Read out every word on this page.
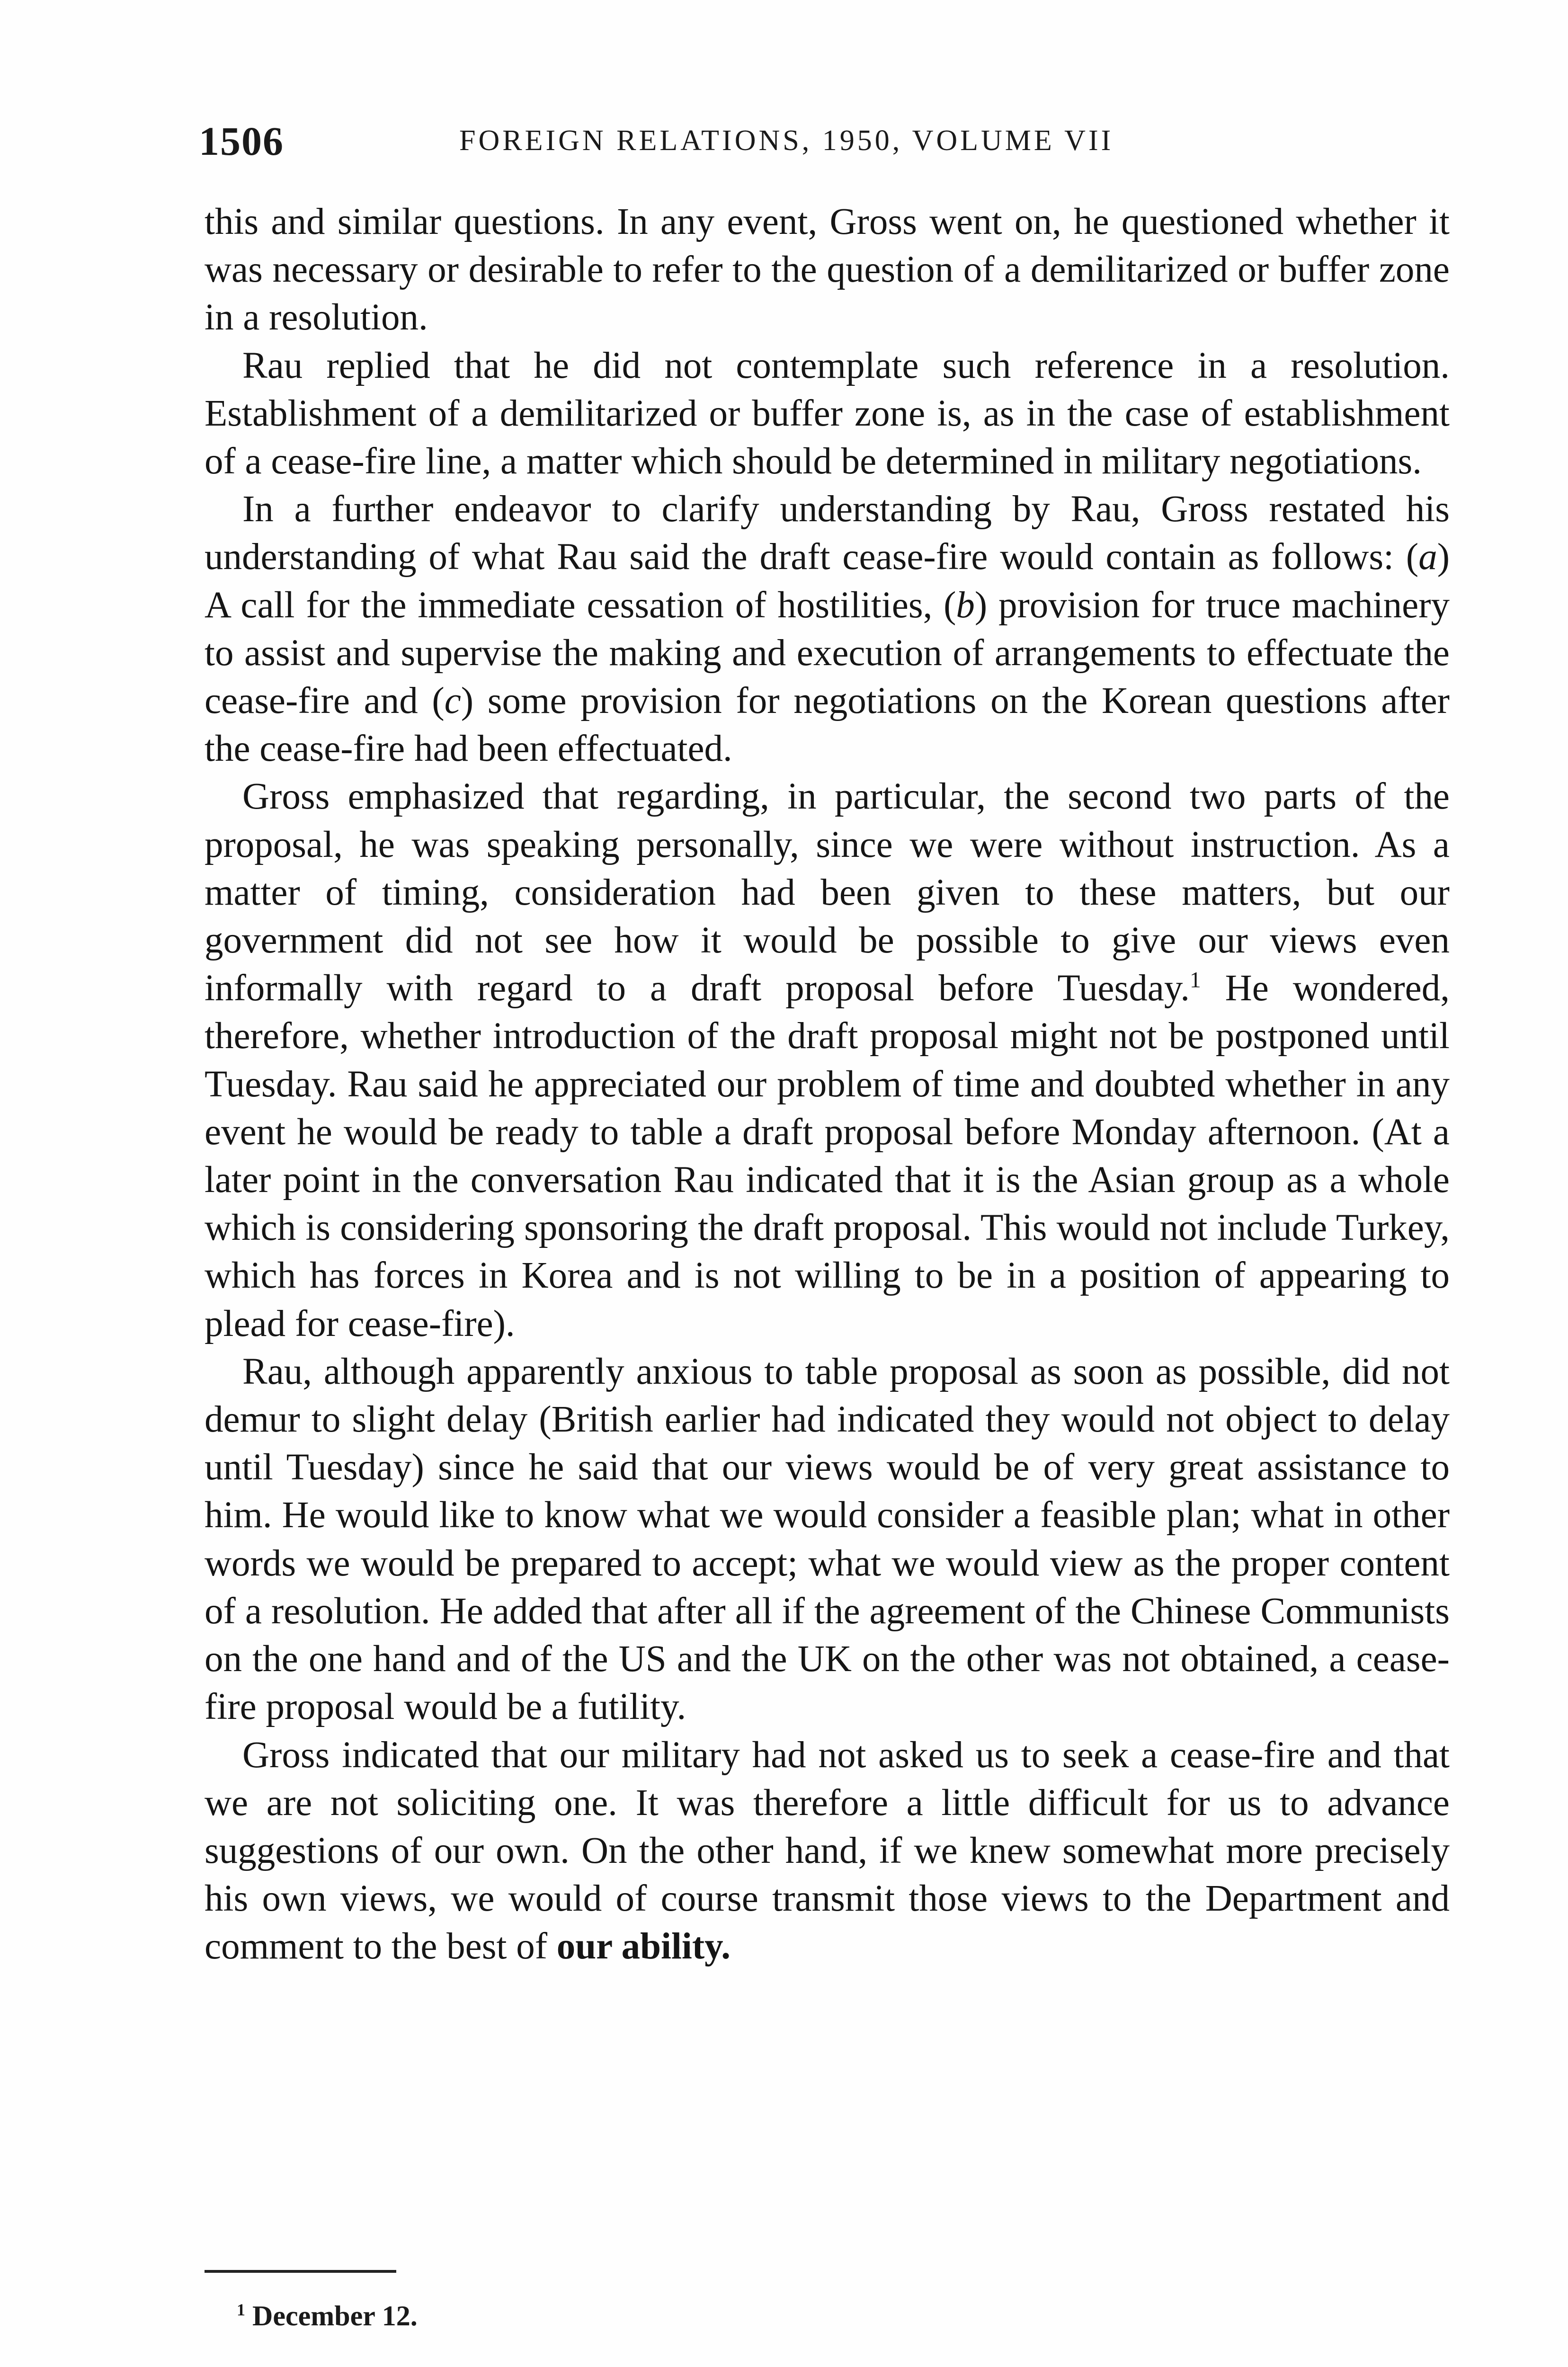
1506	FOREIGN RELATIONS, 1950, VOLUME VII

this and similar questions. In any event, Gross went on, he questioned whether it was necessary or desirable to refer to the question of a demilitarized or buffer zone in a resolution.

Rau replied that he did not contemplate such reference in a resolution. Establishment of a demilitarized or buffer zone is, as in the case of establishment of a cease-fire line, a matter which should be determined in military negotiations.

In a further endeavor to clarify understanding by Rau, Gross restated his understanding of what Rau said the draft cease-fire would contain as follows: (a) A call for the immediate cessation of hostilities, (b) provision for truce machinery to assist and supervise the making and execution of arrangements to effectuate the cease-fire and (c) some provision for negotiations on the Korean questions after the cease-fire had been effectuated.

Gross emphasized that regarding, in particular, the second two parts of the proposal, he was speaking personally, since we were without instruction. As a matter of timing, consideration had been given to these matters, but our government did not see how it would be possible to give our views even informally with regard to a draft proposal before Tuesday.$^1$ He wondered, therefore, whether introduction of the draft proposal might not be postponed until Tuesday. Rau said he appreciated our problem of time and doubted whether in any event he would be ready to table a draft proposal before Monday afternoon. (At a later point in the conversation Rau indicated that it is the Asian group as a whole which is considering sponsoring the draft proposal. This would not include Turkey, which has forces in Korea and is not willing to be in a position of appearing to plead for cease-fire).

Rau, although apparently anxious to table proposal as soon as possible, did not demur to slight delay (British earlier had indicated they would not object to delay until Tuesday) since he said that our views would be of very great assistance to him. He would like to know what we would consider a feasible plan; what in other words we would be prepared to accept; what we would view as the proper content of a resolution. He added that after all if the agreement of the Chinese Communists on the one hand and of the US and the UK on the other was not obtained, a cease-fire proposal would be a futility.

Gross indicated that our military had not asked us to seek a cease-fire and that we are not soliciting one. It was therefore a little difficult for us to advance suggestions of our own. On the other hand, if we knew somewhat more precisely his own views, we would of course transmit those views to the Department and comment to the best of our ability.

$^1$ December 12.
